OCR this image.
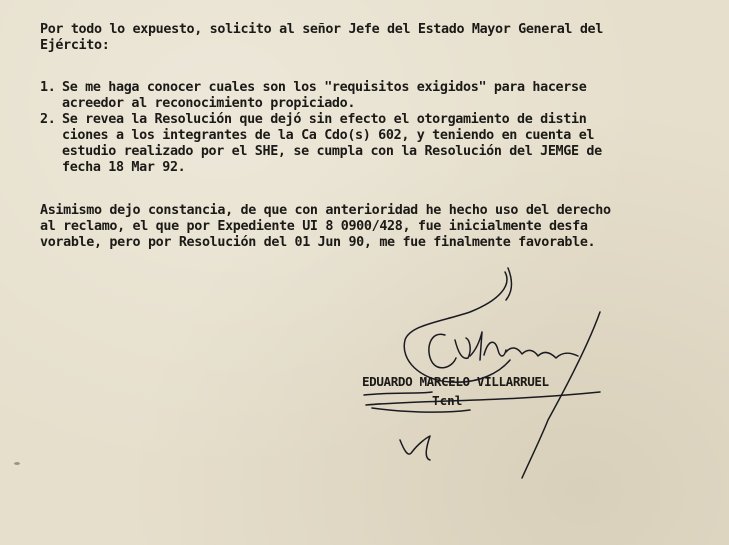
Por todo lo expuesto, solicito al señor Jefe del Estado Mayor General del
Ejército:
1. Se me haga conocer cuales son los "requisitos exigidos" para hacerse
acreedor al reconocimiento propiciado.
2. Se revea la Resolución que dejó sin efecto el otorgamiento de distin
ciones a los integrantes de la Ca Cdo(s) 602, y teniendo en cuenta el
estudio realizado por el SHE, se cumpla con la Resolución del JEMGE de
fecha 18 Mar 92.
Asimismo dejo constancia, de que con anterioridad he hecho uso del derecho
al reclamo, el que por Expediente UI 8 0900/428, fue inicialmente desfa
vorable, pero por Resolución del 01 Jun 90, me fue finalmente favorable.
EDUARDO MARCELO VILLARRUEL
Tcnl
